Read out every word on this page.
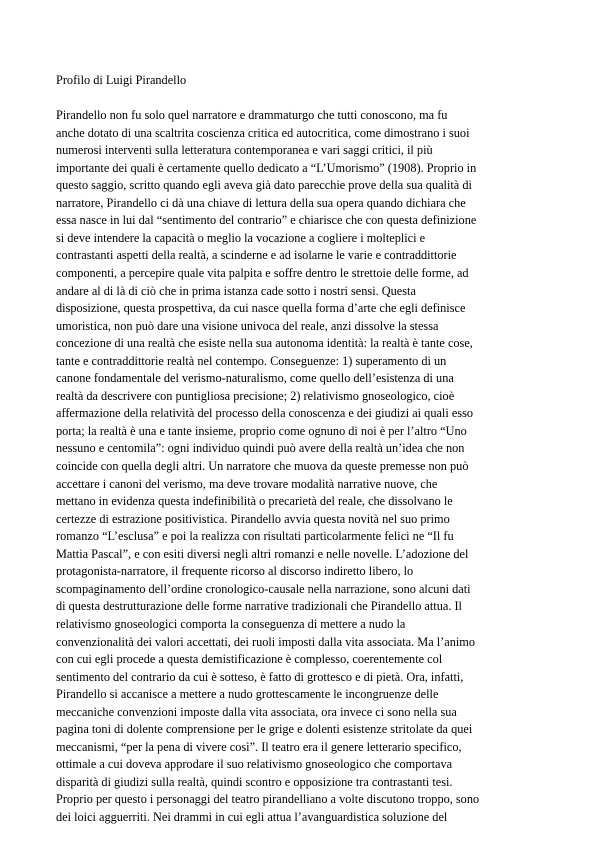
Profilo di Luigi Pirandello
Pirandello non fu solo quel narratore e drammaturgo che tutti conoscono, ma fu
anche dotato di una scaltrita coscienza critica ed autocritica, come dimostrano i suoi
numerosi interventi sulla letteratura contemporanea e vari saggi critici, il più
importante dei quali è certamente quello dedicato a “L’Umorismo” (1908). Proprio in
questo saggio, scritto quando egli aveva già dato parecchie prove della sua qualità di
narratore, Pirandello ci dà una chiave di lettura della sua opera quando dichiara che
essa nasce in lui dal “sentimento del contrario” e chiarisce che con questa definizione
si deve intendere la capacità o meglio la vocazione a cogliere i molteplici e
contrastanti aspetti della realtà, a scinderne e ad isolarne le varie e contraddittorie
componenti, a percepire quale vita palpita e soffre dentro le strettoie delle forme, ad
andare al di là di ciò che in prima istanza cade sotto i nostri sensi. Questa
disposizione, questa prospettiva, da cui nasce quella forma d’arte che egli definisce
umoristica, non può dare una visione univoca del reale, anzi dissolve la stessa
concezione di una realtà che esiste nella sua autonoma identità: la realtà è tante cose,
tante e contraddittorie realtà nel contempo. Conseguenze: 1) superamento di un
canone fondamentale del verismo-naturalismo, come quello dell’esistenza di una
realtà da descrivere con puntigliosa precisione; 2) relativismo gnoseologico, cioè
affermazione della relatività del processo della conoscenza e dei giudizi ai quali esso
porta; la realtà è una e tante insieme, proprio come ognuno di noi è per l’altro “Uno
nessuno e centomila”: ogni individuo quindi può avere della realtà un’idea che non
coincide con quella degli altri. Un narratore che muova da queste premesse non può
accettare i canoni del verismo, ma deve trovare modalità narrative nuove, che
mettano in evidenza questa indefinibilità o precarietà del reale, che dissolvano le
certezze di estrazione positivistica. Pirandello avvia questa novità nel suo primo
romanzo “L’esclusa” e poi la realizza con risultati particolarmente felici ne “Il fu
Mattia Pascal”, e con esiti diversi negli altri romanzi e nelle novelle. L’adozione del
protagonista-narratore, il frequente ricorso al discorso indiretto libero, lo
scompaginamento dell’ordine cronologico-causale nella narrazione, sono alcuni dati
di questa destrutturazione delle forme narrative tradizionali che Pirandello attua. Il
relativismo gnoseologici comporta la conseguenza di mettere a nudo la
convenzionalità dei valori accettati, dei ruoli imposti dalla vita associata. Ma l’animo
con cui egli procede a questa demistificazione è complesso, coerentemente col
sentimento del contrario da cui è sotteso, è fatto di grottesco e di pietà. Ora, infatti,
Pirandello si accanisce a mettere a nudo grottescamente le incongruenze delle
meccaniche convenzioni imposte dalla vita associata, ora invece ci sono nella sua
pagina toni di dolente comprensione per le grige e dolenti esistenze stritolate da quei
meccanismi, “per la pena di vivere così”. Il teatro era il genere letterario specifico,
ottimale a cui doveva approdare il suo relativismo gnoseologico che comportava
disparità di giudizi sulla realtà, quindi scontro e opposizione tra contrastanti tesi.
Proprio per questo i personaggi del teatro pirandelliano a volte discutono troppo, sono
dei loici agguerriti. Nei drammi in cui egli attua l’avanguardistica soluzione del
